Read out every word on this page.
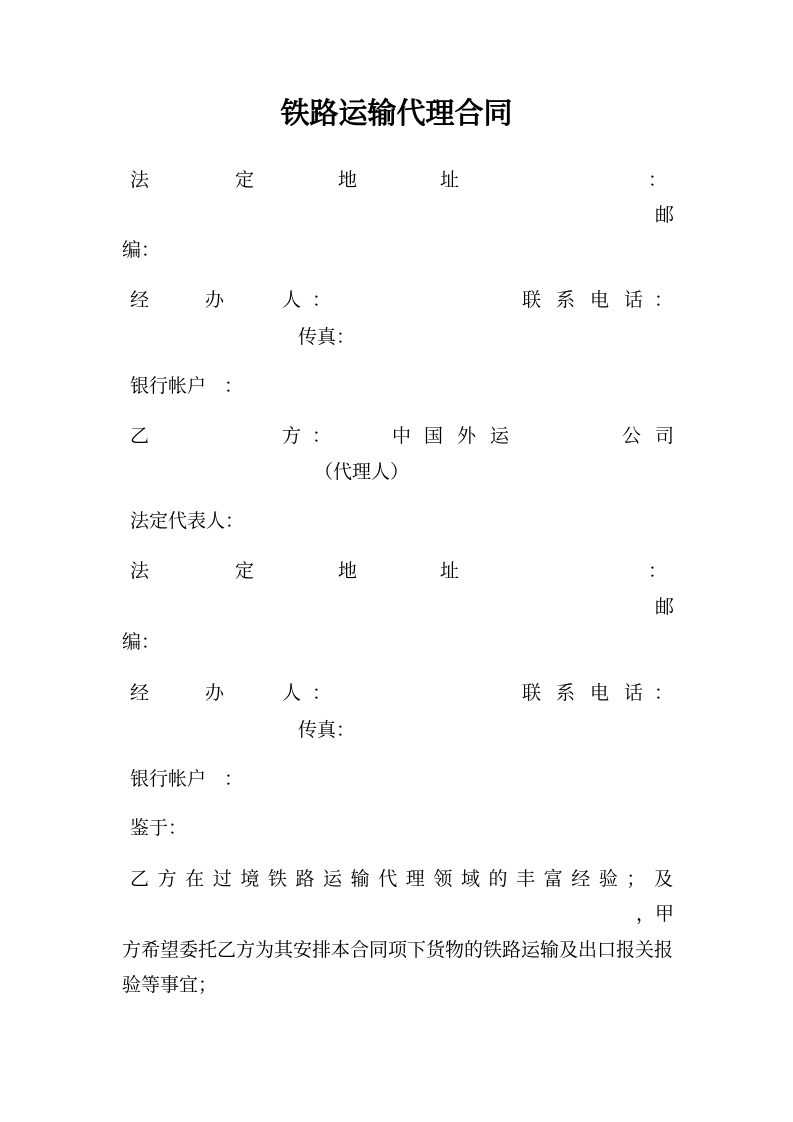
铁路运输代理合同
法	定	地	址	：
邮
编：
经	办	人 ：	联 系 电 话 ：
传真：
银行帐户 ：
乙	方 ：	中 国 外 运	公 司
（代理人）
法定代表人：
法	定	地	址	：
邮
编：
经	办	人 ：	联 系 电 话 ：
传真：
银行帐户 ：
鉴于：
乙 方 在 过 境 铁 路 运 输 代 理 领 域 的 丰 富 经 验 ； 及
，甲
方希望委托乙方为其安排本合同项下货物的铁路运输及出口报关报
验等事宜；
